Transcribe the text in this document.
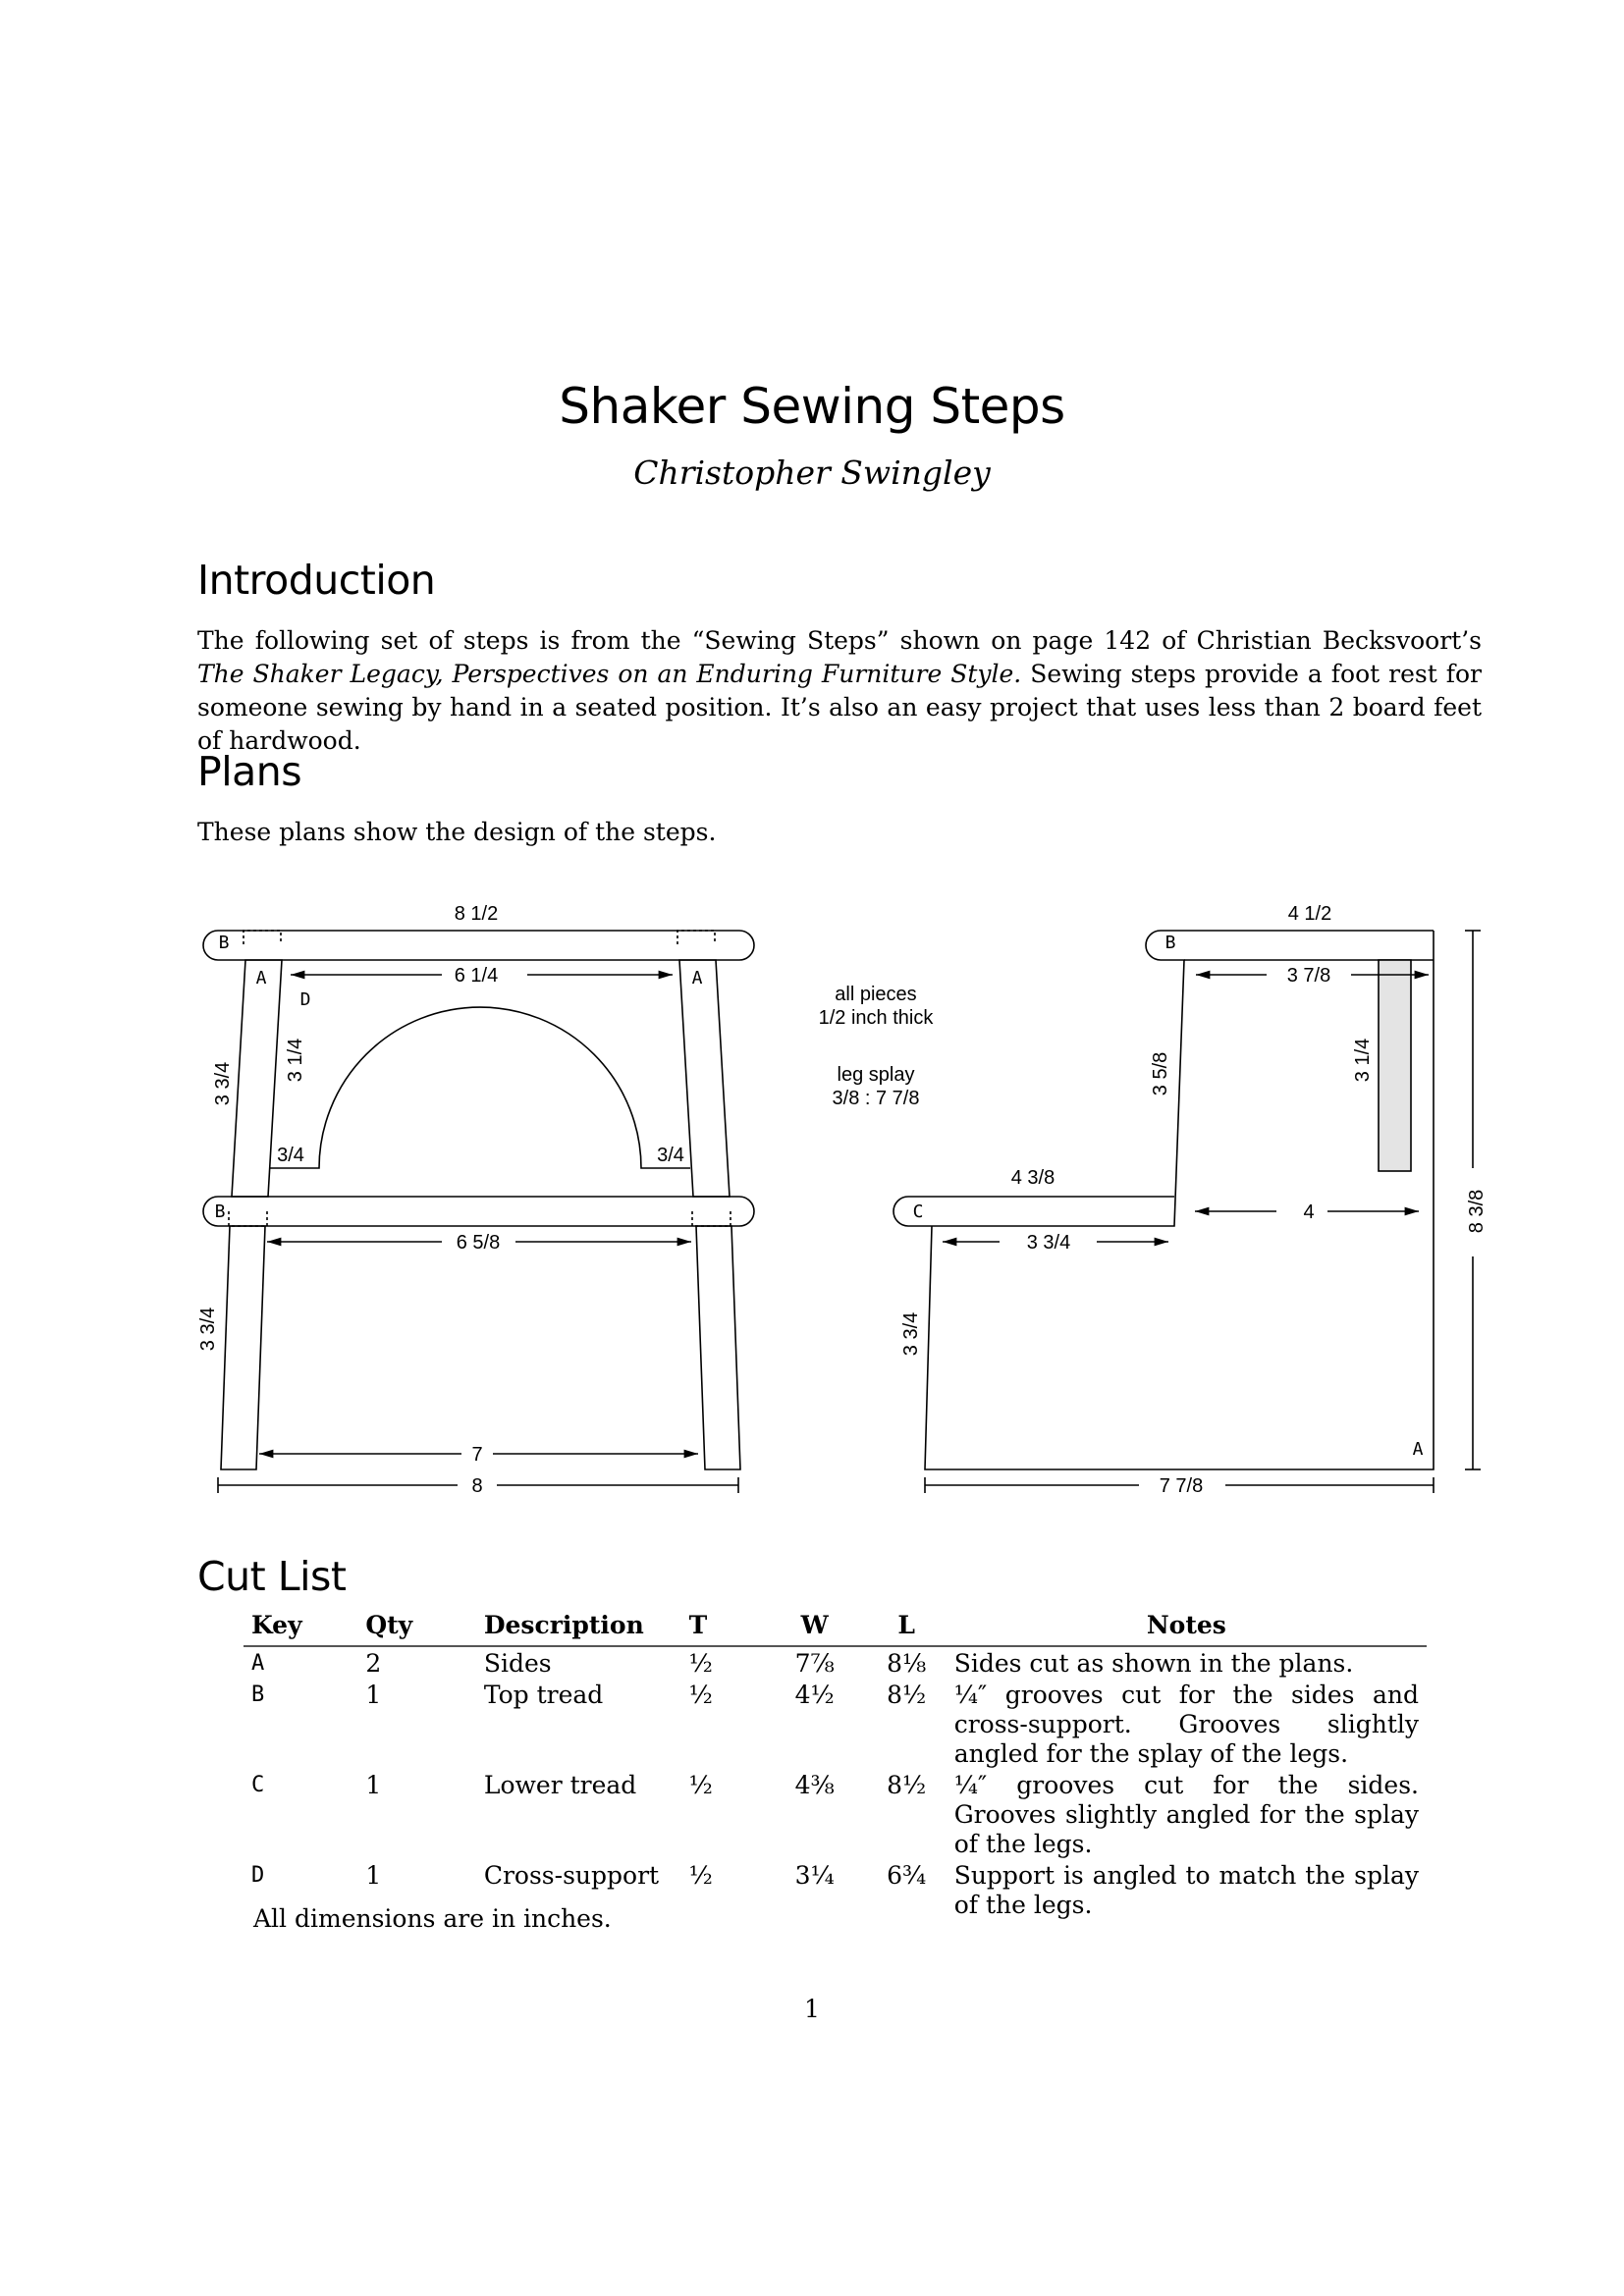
Shaker Sewing Steps
Christopher Swingley
Introduction

The following set of steps is from the “Sewing Steps” shown on page 142 of Christian Becksvoort’s The Shaker Legacy, Perspectives on an Enduring Furniture Style. Sewing steps provide a foot rest for someone sewing by hand in a seated position. It’s also an easy project that uses less than 2 board feet of hardwood.

Plans
These plans show the design of the steps.
B
A	A
D
B
8 1/2
6 1/4
3 3/4
3 1/4
3/4	3/4
6 5/8
3 3/4
7
8
all pieces
1/2 inch thick
leg splay
3/8 : 7 7/8
B
C
A
4 1/2
3 7/8
3 5/8	3 1/4
8 3/8
4 3/8
4
3 3/4
3 3/4
7 7/8
Cut List
Key	Qty	Description	T	W	L	Notes
A	2	Sides	½	7⅞	8⅛	Sides cut as shown in the plans.
B	1	Top tread	½	4½	8½	¼″ grooves cut for the sides and cross-support. Grooves slightly angled for the splay of the legs.
C	1	Lower tread	½	4⅜	8½	¼″ grooves cut for the sides. Grooves slightly angled for the splay of the legs.
D	1	Cross-support	½	3¼	6¾	Support is angled to match the splay of the legs.
All dimensions are in inches.
1
